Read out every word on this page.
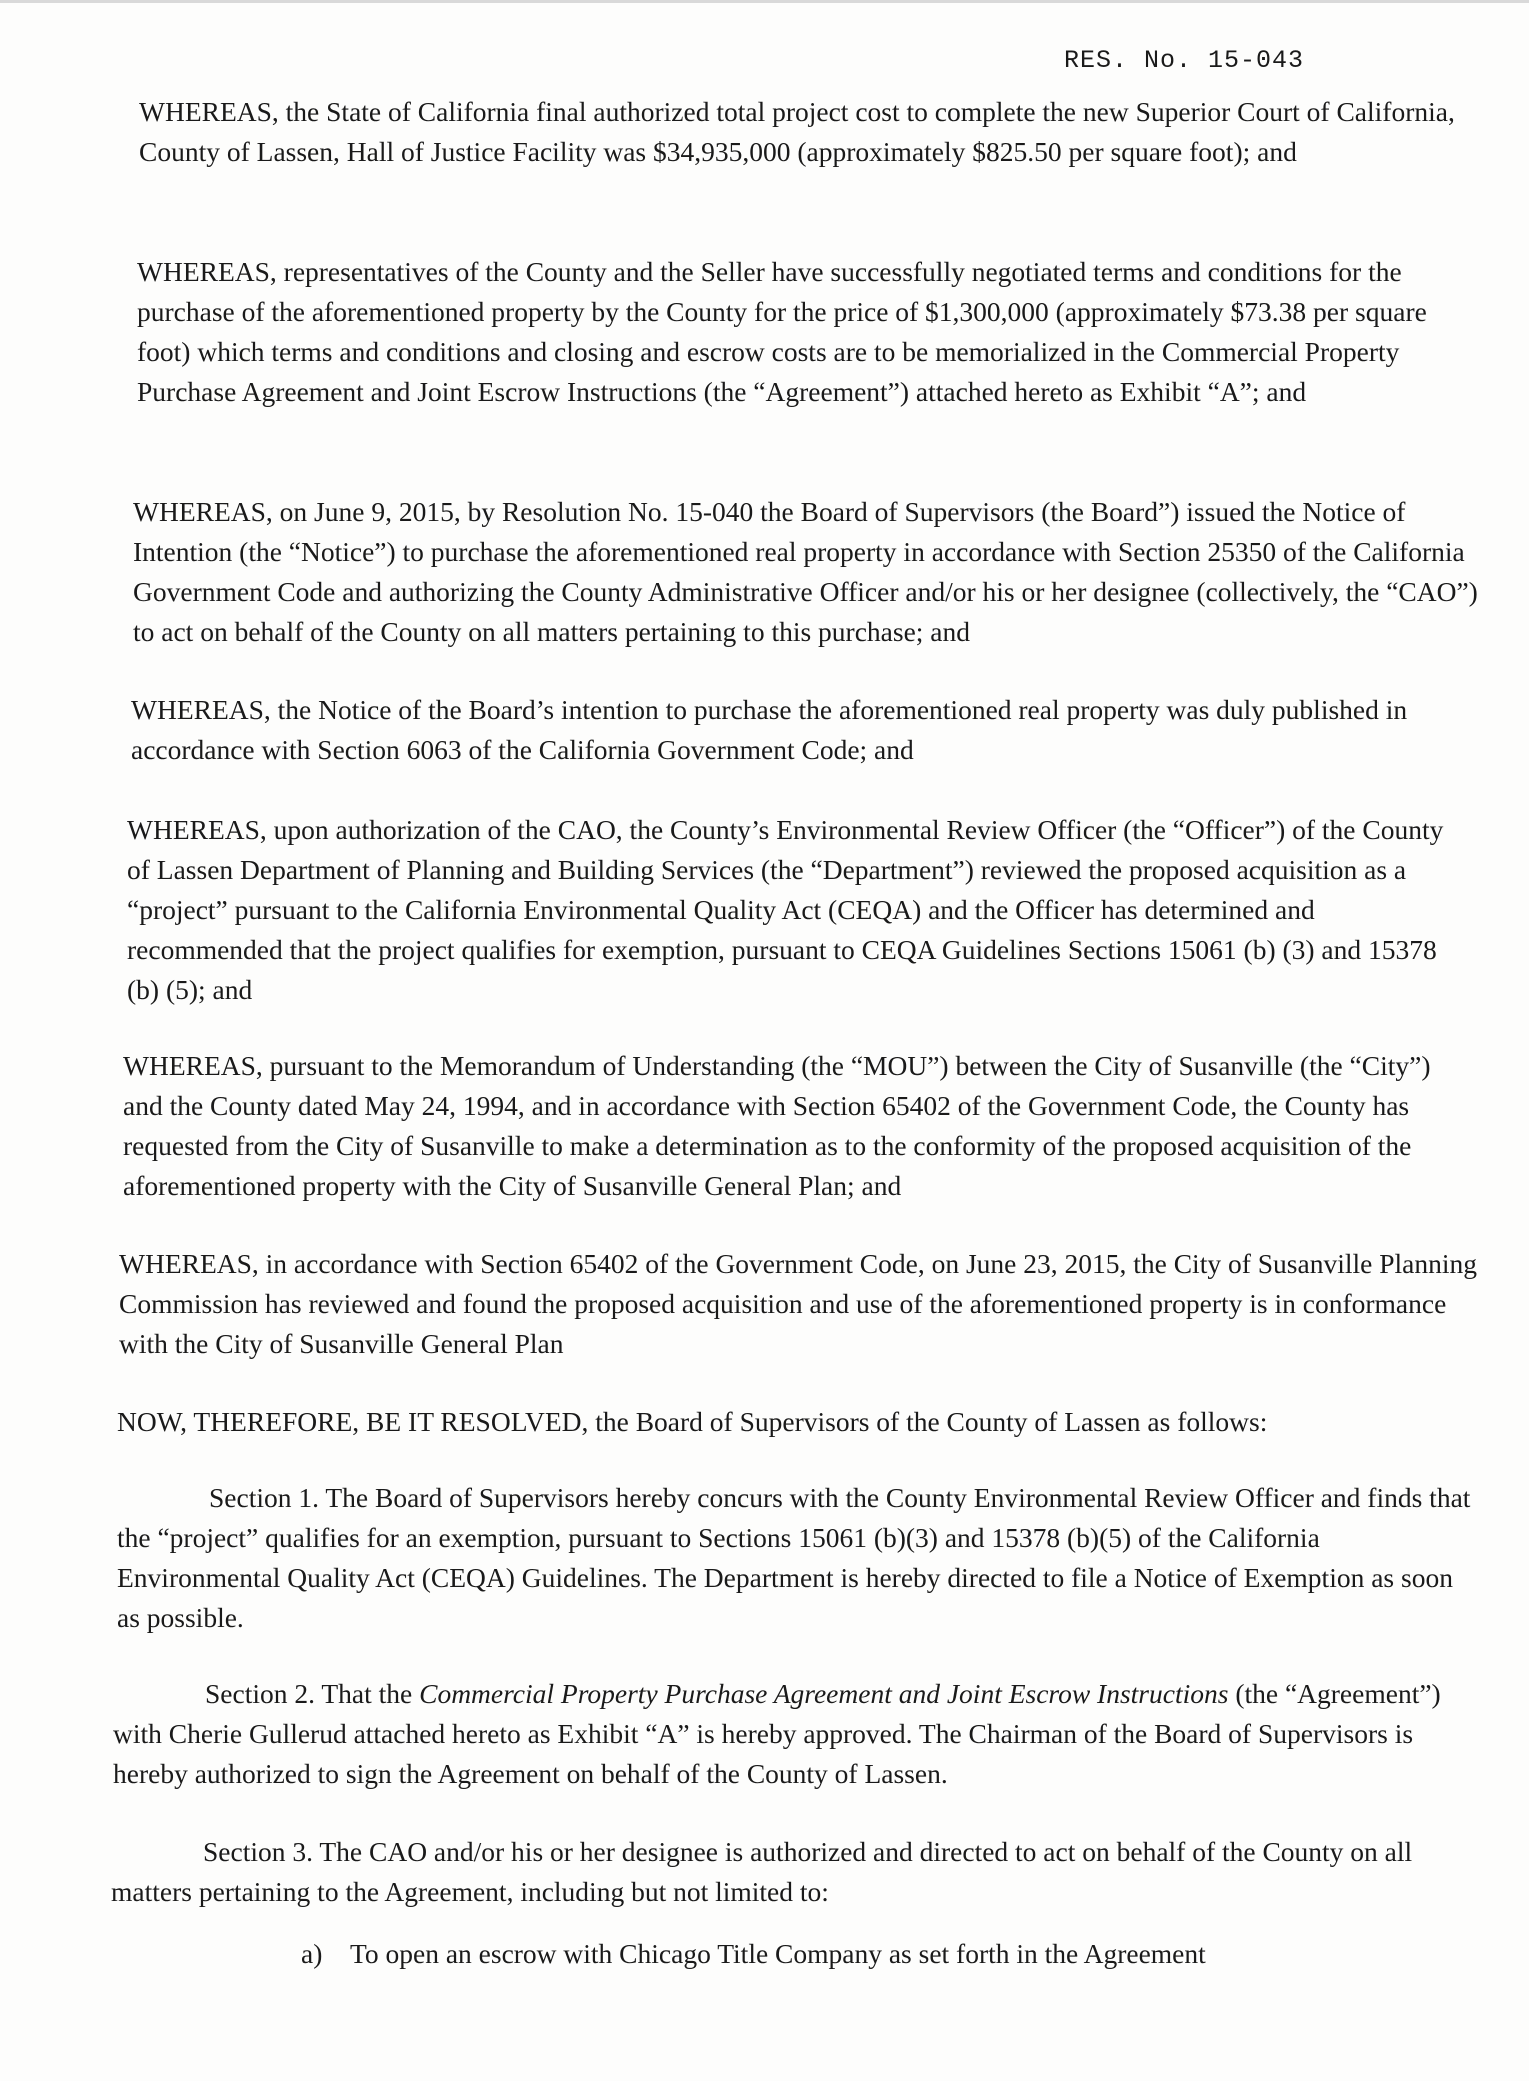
RES. No. 15-043

WHEREAS, the State of California final authorized total project cost to complete the new Superior Court of California, County of Lassen, Hall of Justice Facility was $34,935,000 (approximately $825.50 per square foot); and

WHEREAS, representatives of the County and the Seller have successfully negotiated terms and conditions for the purchase of the aforementioned property by the County for the price of $1,300,000 (approximately $73.38 per square foot) which terms and conditions and closing and escrow costs are to be memorialized in the Commercial Property Purchase Agreement and Joint Escrow Instructions (the “Agreement”) attached hereto as Exhibit “A”; and

WHEREAS, on June 9, 2015, by Resolution No. 15-040 the Board of Supervisors (the Board”) issued the Notice of Intention (the “Notice”) to purchase the aforementioned real property in accordance with Section 25350 of the California Government Code and authorizing the County Administrative Officer and/or his or her designee (collectively, the “CAO”) to act on behalf of the County on all matters pertaining to this purchase; and

WHEREAS, the Notice of the Board’s intention to purchase the aforementioned real property was duly published in accordance with Section 6063 of the California Government Code; and

WHEREAS, upon authorization of the CAO, the County’s Environmental Review Officer (the “Officer”) of the County of Lassen Department of Planning and Building Services (the “Department”) reviewed the proposed acquisition as a “project” pursuant to the California Environmental Quality Act (CEQA) and the Officer has determined and recommended that the project qualifies for exemption, pursuant to CEQA Guidelines Sections 15061 (b) (3) and 15378 (b) (5); and

WHEREAS, pursuant to the Memorandum of Understanding (the “MOU”) between the City of Susanville (the “City”) and the County dated May 24, 1994, and in accordance with Section 65402 of the Government Code, the County has requested from the City of Susanville to make a determination as to the conformity of the proposed acquisition of the aforementioned property with the City of Susanville General Plan; and

WHEREAS, in accordance with Section 65402 of the Government Code, on June 23, 2015, the City of Susanville Planning Commission has reviewed and found the proposed acquisition and use of the aforementioned property is in conformance with the City of Susanville General Plan

NOW, THEREFORE, BE IT RESOLVED, the Board of Supervisors of the County of Lassen as follows:

Section 1. The Board of Supervisors hereby concurs with the County Environmental Review Officer and finds that the “project” qualifies for an exemption, pursuant to Sections 15061 (b)(3) and 15378 (b)(5) of the California Environmental Quality Act (CEQA) Guidelines. The Department is hereby directed to file a Notice of Exemption as soon as possible.

Section 2. That the Commercial Property Purchase Agreement and Joint Escrow Instructions (the “Agreement”) with Cherie Gullerud attached hereto as Exhibit “A” is hereby approved. The Chairman of the Board of Supervisors is hereby authorized to sign the Agreement on behalf of the County of Lassen.

Section 3. The CAO and/or his or her designee is authorized and directed to act on behalf of the County on all matters pertaining to the Agreement, including but not limited to:

a) To open an escrow with Chicago Title Company as set forth in the Agreement
